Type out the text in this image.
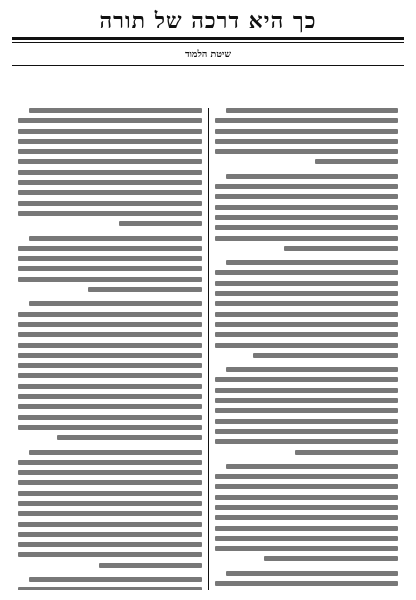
כך היא דרכה של תורה
שיטת הלמוד
